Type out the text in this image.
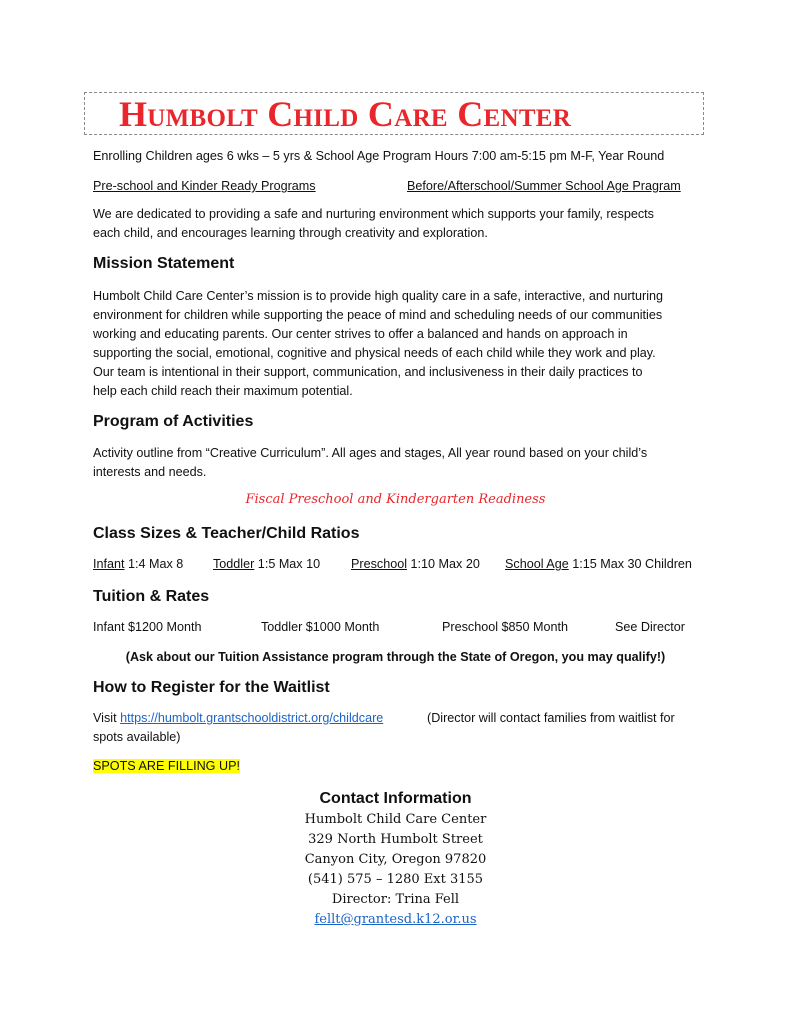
Humbolt Child Care Center
Enrolling Children ages 6 wks – 5 yrs & School Age Program Hours 7:00 am-5:15 pm M-F, Year Round
Pre-school and Kinder Ready Programs	Before/Afterschool/Summer School Age Pragram
We are dedicated to providing a safe and nurturing environment which supports your family, respects
each child, and encourages learning through creativity and exploration.
Mission Statement
Humbolt Child Care Center’s mission is to provide high quality care in a safe, interactive, and nurturing
environment for children while supporting the peace of mind and scheduling needs of our communities
working and educating parents. Our center strives to offer a balanced and hands on approach in
supporting the social, emotional, cognitive and physical needs of each child while they work and play.
Our team is intentional in their support, communication, and inclusiveness in their daily practices to
help each child reach their maximum potential.
Program of Activities
Activity outline from “Creative Curriculum”. All ages and stages, All year round based on your child’s
interests and needs.
Fiscal Preschool and Kindergarten Readiness
Class Sizes & Teacher/Child Ratios
Infant 1:4 Max 8 Toddler 1:5 Max 10 Preschool 1:10 Max 20 School Age 1:15 Max 30 Children
Tuition & Rates
Infant $1200 Month	Toddler $1000 Month	Preschool $850 Month	See Director
(Ask about our Tuition Assistance program through the State of Oregon, you may qualify!)
How to Register for the Waitlist
Visit https://humbolt.grantschooldistrict.org/childcare	(Director will contact families from waitlist for
spots available)
SPOTS ARE FILLING UP!
Contact Information
Humbolt Child Care Center
329 North Humbolt Street
Canyon City, Oregon 97820
(541) 575 – 1280 Ext 3155
Director: Trina Fell
fellt@grantesd.k12.or.us
